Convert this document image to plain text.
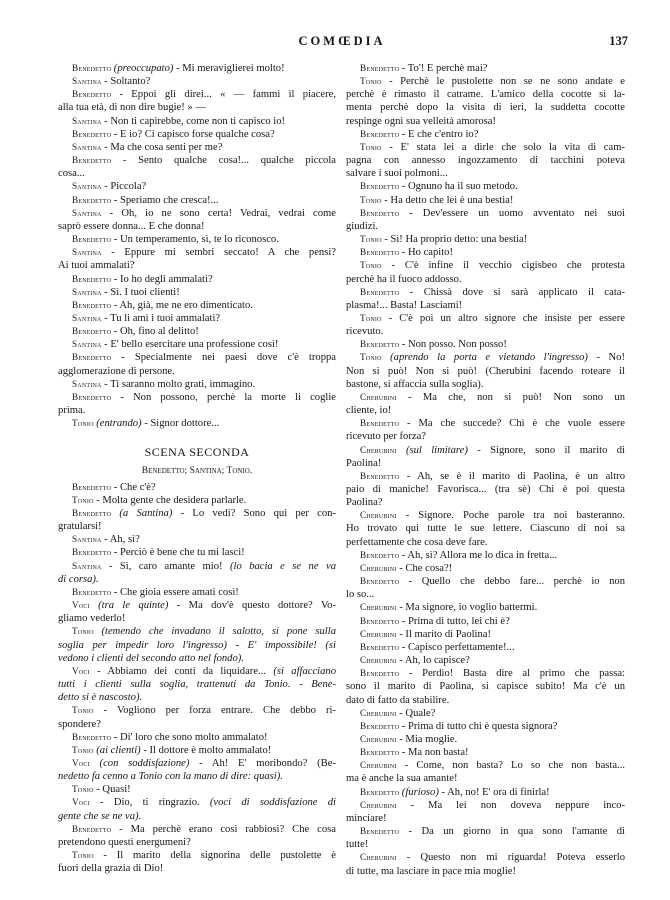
COMŒDIA	137
Benedetto (preoccupato) - Mi meraviglierei molto!
Santina - Soltanto?
Benedetto - Eppoi gli direi... « — fammi il piacere,
alla tua età, di non dire bugie! » —
Santina - Non ti capirebbe, come non ti capisco io!
Benedetto - E io? Ci capisco forse qualche cosa?
Santina - Ma che cosa senti per me?
Benedetto - Sento qualche cosa!... qualche piccola
cosa...
Santina - Piccola?
Benedetto - Speriamo che cresca!...
Santina - Oh, io ne sono certa! Vedrai, vedrai come
saprò essere donna... E che donna!
Benedetto - Un temperamento, sì, te lo riconosco.
Santina - Eppure mi sembri seccato! A che pensi?
Ai tuoi ammalati?
Benedetto - Io ho degli ammalati?
Santina - Sì. I tuoi clienti!
Benedetto - Ah, già, me ne ero dimenticato.
Santina - Tu li ami i tuoi ammalati?
Benedetto - Oh, fino al delitto!
Santina - E' bello esercitare una professione così!
Benedetto - Specialmente nei paesi dove c'è troppa
agglomerazione di persone.
Santina - Ti saranno molto grati, immagino.
Benedetto - Non possono, perchè la morte li coglie
prima.
Tonio (entrando) - Signor dottore...
SCENA SECONDA
Benedetto; Santina; Tonio.
Benedetto - Che c'è?
Tonio - Molta gente che desidera parlarle.
Benedetto (a Santina) - Lo vedi? Sono qui per con-
gratularsi!
Santina - Ah, sì?
Benedetto - Perciò è bene che tu mi lasci!
Santina - Sì, caro amante mio! (lo bacia e se ne va
di corsa).
Benedetto - Che gioia essere amati così!
Voci (tra le quinte) - Ma dov'è questo dottore? Vo-
gliamo vederlo!
Tonio (temendo che invadano il salotto, si pone sulla
soglia per impedir loro l'ingresso) - E' impossibile! (si
vedono i clienti del secondo atto nel fondo).
Voci - Abbiamo dei conti da liquidare... (si affacciano
tutti i clienti sulla soglia, trattenuti da Tonio. - Bene-
detto si è nascosto).
Tonio - Vogliono per forza entrare. Che debbo ri-
spondere?
Benedetto - Di' loro che sono molto ammalato!
Tonio (ai clienti) - Il dottore è molto ammalato!
Voci (con soddisfazione) - Ah! E' moribondo? (Be-
nedetto fa cenno a Tonio con la mano di dire: quasi).
Tonio - Quasi!
Voci - Dio, ti ringrazio. (voci di soddisfazione di
gente che se ne va).
Benedetto - Ma perchè erano così rabbiosi? Che cosa
pretendono questi energumeni?
Tonio - Il marito della signorina delle pustolette è
fuori della grazia di Dio!
Benedetto - To'! E perchè mai?
Tonio - Perchè le pustolette non se ne sono andate e
perchè è rimasto il catrame. L'amico della cocotte si la-
menta perchè dopo la visita di ieri, la suddetta cocotte
respinge ogni sua velleità amorosa!
Benedetto - E che c'entro io?
Tonio - E' stata lei a dirle che solo la vita di cam-
pagna con annesso ingozzamento di tacchini poteva
salvare i suoi polmoni...
Benedetto - Ognuno ha il suo metodo.
Tonio - Ha detto che lei è una bestia!
Benedetto - Dev'essere un uomo avventato nei suoi
giudizi.
Tonio - Sì! Ha proprio detto: una bestia!
Benedetto - Ho capito!
Tonio - C'è infine il vecchio cigisbeo che protesta
perchè ha il fuoco addosso.
Benedetto - Chissà dove si sarà applicato il cata-
plasma!... Basta! Lasciami!
Tonio - C'è poi un altro signore che insiste per essere
ricevuto.
Benedetto - Non posso. Non posso!
Tonio (aprendo la porta e vietando l'ingresso) - No!
Non si può! Non si può! (Cherubini facendo roteare il
bastone, si affaccia sulla soglia).
Cherubini - Ma che, non si può! Non sono un
cliente, io!
Benedetto - Ma che succede? Chi è che vuole essere
ricevuto per forza?
Cherubini (sul limitare) - Signore, sono il marito di
Paolina!
Benedetto - Ah, se è il marito di Paolina, è un altro
paio di maniche! Favorisca... (tra sè) Chi è poi questa
Paolina?
Cherubini - Signore. Poche parole tra noi basteranno.
Ho trovato qui tutte le sue lettere. Ciascuno di noi sa
perfettamente che cosa deve fare.
Benedetto - Ah, sì? Allora me lo dica in fretta...
Cherubini - Che cosa?!
Benedetto - Quello che debbo fare... perchè io non
lo so...
Cherubini - Ma signore, io voglio battermi.
Benedetto - Prima di tutto, lei chi è?
Cherubini - Il marito di Paolina!
Benedetto - Capisco perfettamente!...
Cherubini - Ah, lo capisce?
Benedetto - Perdio! Basta dire al primo che passa:
sono il marito di Paolina, si capisce subito! Ma c'è un
dato di fatto da stabilire.
Cherubini - Quale?
Benedetto - Prima di tutto chi è questa signora?
Cherubini - Mia moglie.
Benedetto - Ma non basta!
Cherubini - Come, non basta? Lo so che non basta...
ma è anche la sua amante!
Benedetto (furioso) - Ah, no! E' ora di finirla!
Cherubini - Ma lei non doveva neppure inco-
minciare!
Benedetto - Da un giorno in qua sono l'amante di
tutte!
Cherubini - Questo non mi riguarda! Poteva esserlo
di tutte, ma lasciare in pace mia moglie!
